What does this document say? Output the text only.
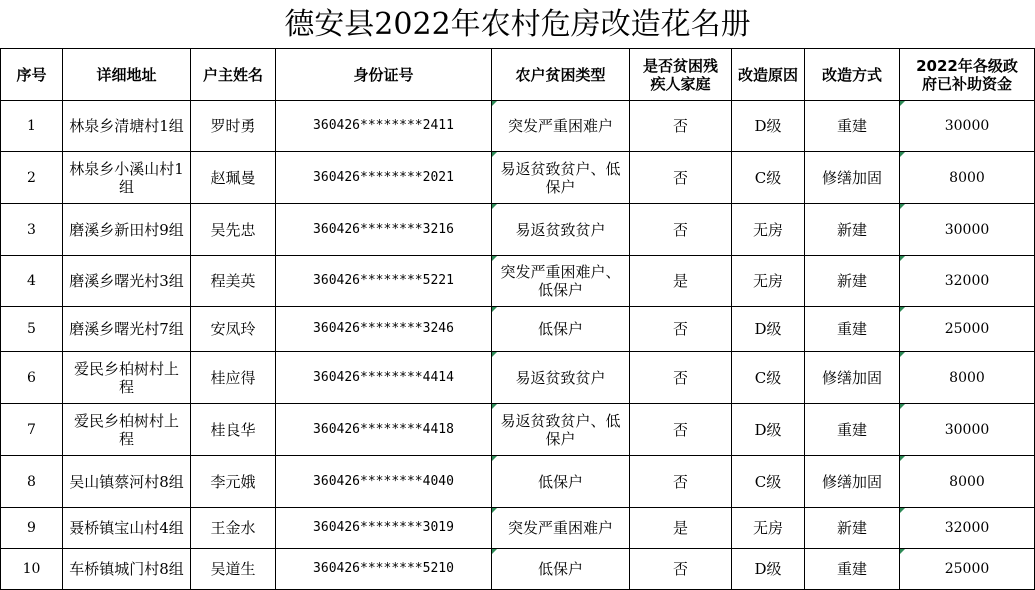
德安县2022年农村危房改造花名册
序号	详细地址	户主姓名	身份证号	农户贫困类型	是否贫困残疾人家庭	改造原因	改造方式	2022年各级政府已补助资金
1	林泉乡清塘村1组	罗时勇	360426********2411	突发严重困难户	否	D级	重建	30000
2	林泉乡小溪山村1组	赵珮曼	360426********2021	易返贫致贫户、低保户	否	C级	修缮加固	8000
3	磨溪乡新田村9组	吴先忠	360426********3216	易返贫致贫户	否	无房	新建	30000
4	磨溪乡曙光村3组	程美英	360426********5221	突发严重困难户、低保户	是	无房	新建	32000
5	磨溪乡曙光村7组	安凤玲	360426********3246	低保户	否	D级	重建	25000
6	爱民乡柏树村上程	桂应得	360426********4414	易返贫致贫户	否	C级	修缮加固	8000
7	爱民乡柏树村上程	桂良华	360426********4418	易返贫致贫户、低保户	否	D级	重建	30000
8	吴山镇蔡河村8组	李元娥	360426********4040	低保户	否	C级	修缮加固	8000
9	聂桥镇宝山村4组	王金水	360426********3019	突发严重困难户	是	无房	新建	32000
10	车桥镇城门村8组	吴道生	360426********5210	低保户	否	D级	重建	25000
